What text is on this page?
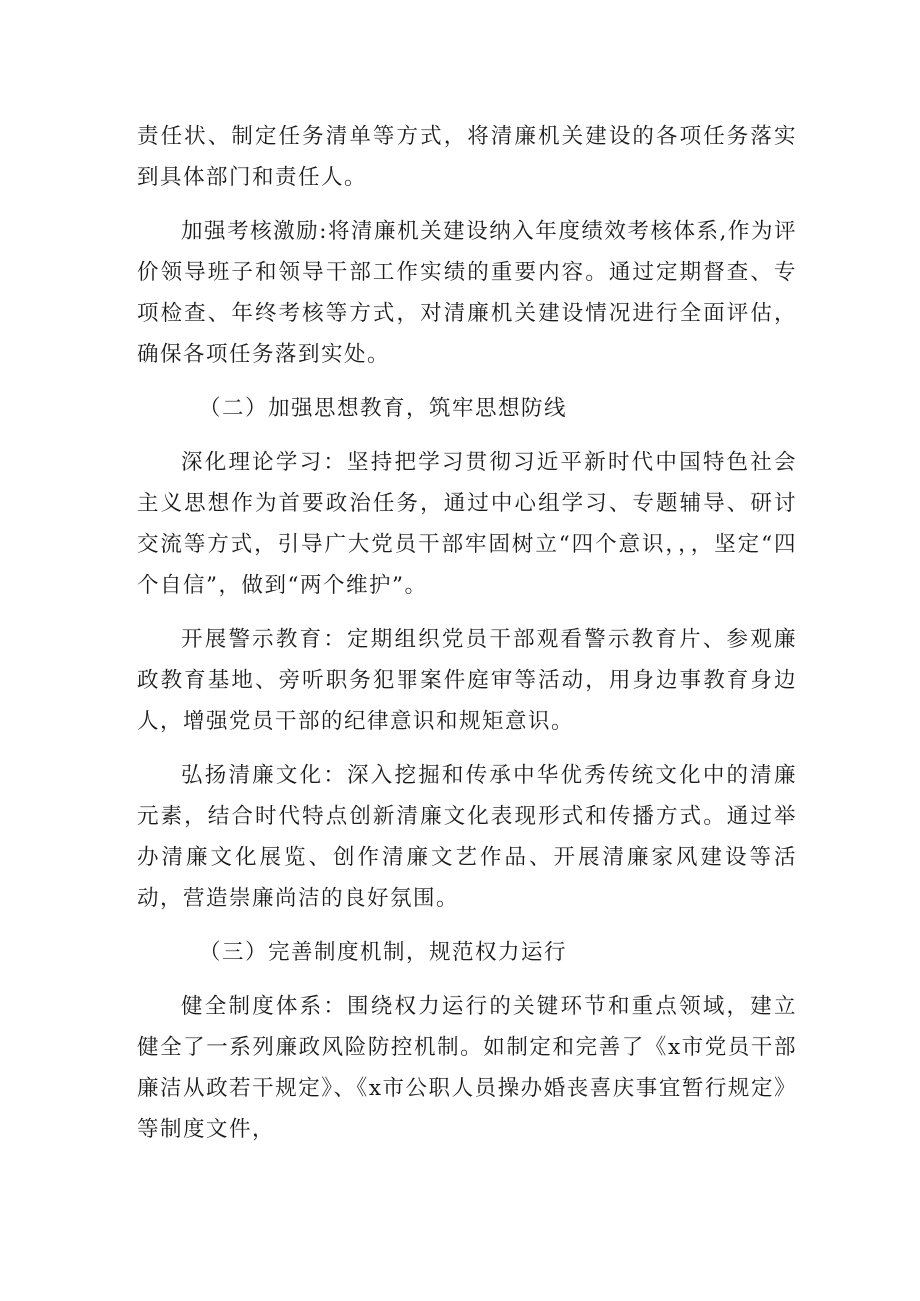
责任状、制定任务清单等方式，将清廉机关建设的各项任务落实到具体部门和责任人。

加强考核激励:将清廉机关建设纳入年度绩效考核体系,作为评价领导班子和领导干部工作实绩的重要内容。通过定期督查、专项检查、年终考核等方式，对清廉机关建设情况进行全面评估，确保各项任务落到实处。

（二）加强思想教育，筑牢思想防线

深化理论学习：坚持把学习贯彻习近平新时代中国特色社会主义思想作为首要政治任务，通过中心组学习、专题辅导、研讨交流等方式，引导广大党员干部牢固树立“四个意识，，，坚定“四个自信”，做到“两个维护”。

开展警示教育：定期组织党员干部观看警示教育片、参观廉政教育基地、旁听职务犯罪案件庭审等活动，用身边事教育身边人，增强党员干部的纪律意识和规矩意识。

弘扬清廉文化：深入挖掘和传承中华优秀传统文化中的清廉元素，结合时代特点创新清廉文化表现形式和传播方式。通过举办清廉文化展览、创作清廉文艺作品、开展清廉家风建设等活动，营造崇廉尚洁的良好氛围。

（三）完善制度机制，规范权力运行

健全制度体系：围绕权力运行的关键环节和重点领域，建立健全了一系列廉政风险防控机制。如制定和完善了《x市党员干部廉洁从政若干规定》、《x市公职人员操办婚丧喜庆事宜暂行规定》等制度文件，
